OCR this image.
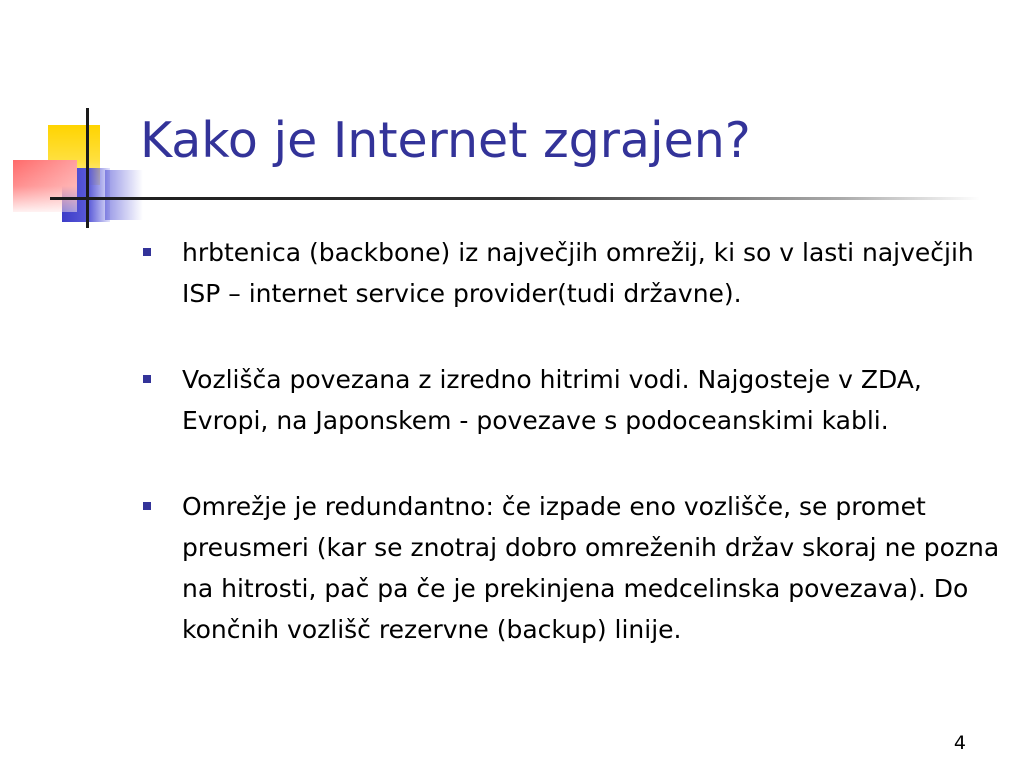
Kako je Internet zgrajen?
hrbtenica (backbone) iz največjih omrežij, ki so v lasti največjih ISP – internet service provider(tudi državne).
Vozlišča povezana z izredno hitrimi vodi. Najgosteje v ZDA, Evropi, na Japonskem - povezave s podoceanskimi kabli.
Omrežje je redundantno: če izpade eno vozlišče, se promet preusmeri (kar se znotraj dobro omreženih držav skoraj ne pozna na hitrosti, pač pa če je prekinjena medcelinska povezava). Do končnih vozlišč rezervne (backup) linije.
4
